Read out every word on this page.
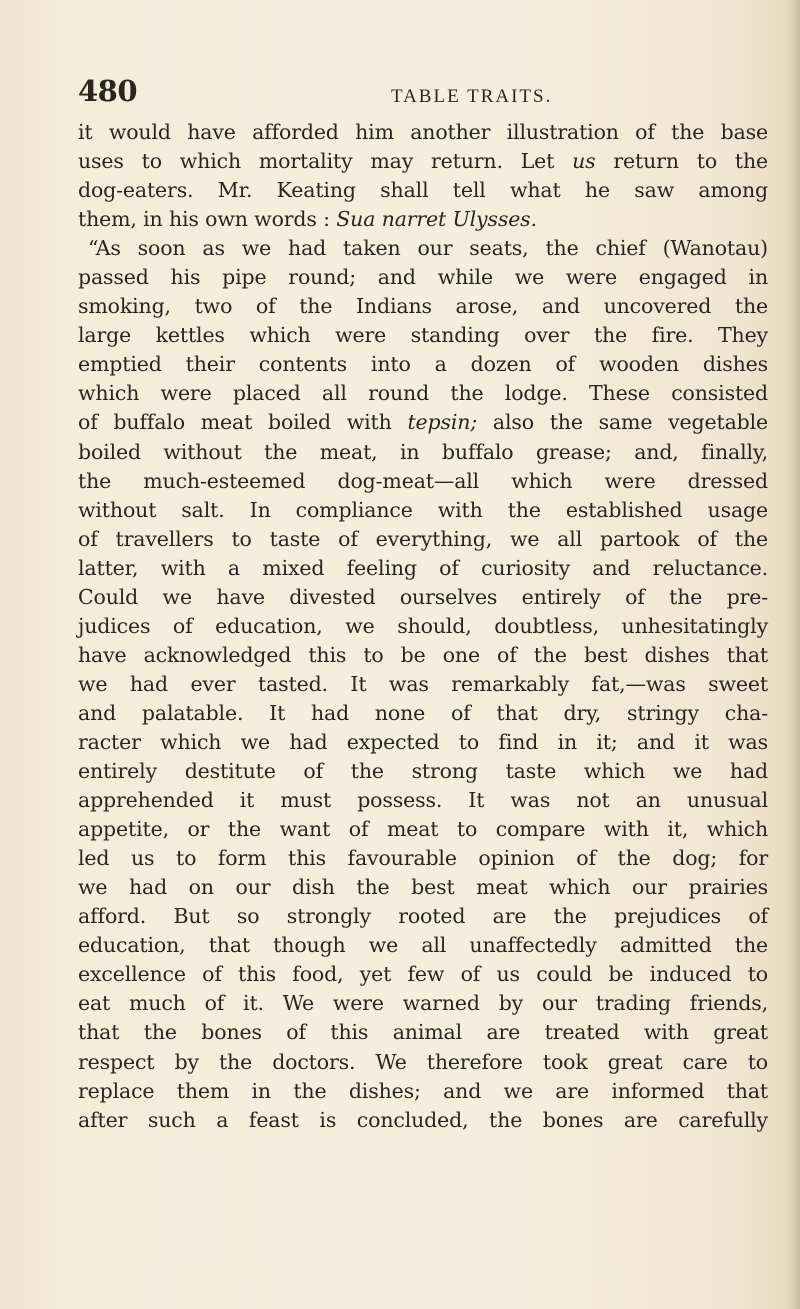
480	TABLE TRAITS.
it would have afforded him another illustration of the base
uses to which mortality may return. Let us return to the
dog-eaters. Mr. Keating shall tell what he saw among
them, in his own words : Sua narret Ulysses.
“As soon as we had taken our seats, the chief (Wanotau)
passed his pipe round; and while we were engaged in
smoking, two of the Indians arose, and uncovered the
large kettles which were standing over the fire. They
emptied their contents into a dozen of wooden dishes
which were placed all round the lodge. These consisted
of buffalo meat boiled with tepsin; also the same vegetable
boiled without the meat, in buffalo grease; and, finally,
the much-esteemed dog-meat—all which were dressed
without salt. In compliance with the established usage
of travellers to taste of everything, we all partook of the
latter, with a mixed feeling of curiosity and reluctance.
Could we have divested ourselves entirely of the pre-
judices of education, we should, doubtless, unhesitatingly
have acknowledged this to be one of the best dishes that
we had ever tasted. It was remarkably fat,—was sweet
and palatable. It had none of that dry, stringy cha-
racter which we had expected to find in it; and it was
entirely destitute of the strong taste which we had
apprehended it must possess. It was not an unusual
appetite, or the want of meat to compare with it, which
led us to form this favourable opinion of the dog; for
we had on our dish the best meat which our prairies
afford. But so strongly rooted are the prejudices of
education, that though we all unaffectedly admitted the
excellence of this food, yet few of us could be induced to
eat much of it. We were warned by our trading friends,
that the bones of this animal are treated with great
respect by the doctors. We therefore took great care to
replace them in the dishes; and we are informed that
after such a feast is concluded, the bones are carefully
